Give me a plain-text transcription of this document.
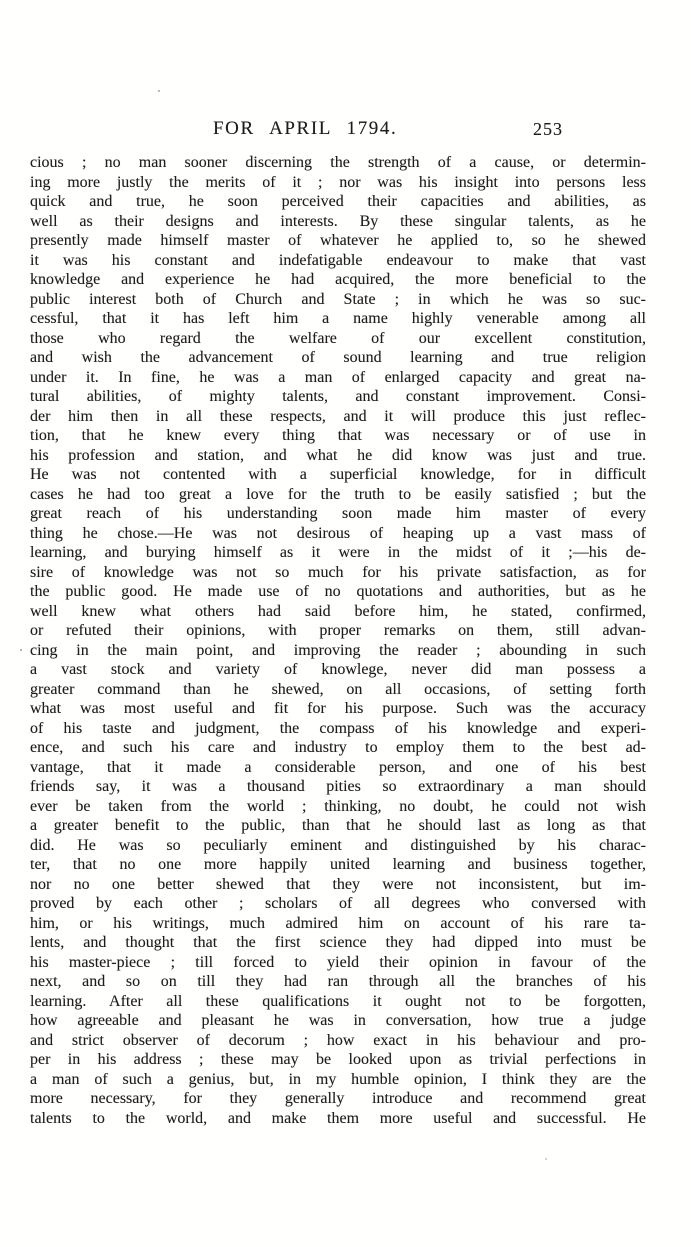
FOR APRIL 1794.	253
cious ; no man sooner discerning the strength of a cause, or determin-
ing more justly the merits of it ; nor was his insight into persons less
quick and true, he soon perceived their capacities and abilities, as
well as their designs and interests. By these singular talents, as he
presently made himself master of whatever he applied to, so he shewed
it was his constant and indefatigable endeavour to make that vast
knowledge and experience he had acquired, the more beneficial to the
public interest both of Church and State ; in which he was so suc-
cessful, that it has left him a name highly venerable among all
those who regard the welfare of our excellent constitution,
and wish the advancement of sound learning and true religion
under it. In fine, he was a man of enlarged capacity and great na-
tural abilities, of mighty talents, and constant improvement. Consi-
der him then in all these respects, and it will produce this just reflec-
tion, that he knew every thing that was necessary or of use in
his profession and station, and what he did know was just and true.
He was not contented with a superficial knowledge, for in difficult
cases he had too great a love for the truth to be easily satisfied ; but the
great reach of his understanding soon made him master of every
thing he chose.—He was not desirous of heaping up a vast mass of
learning, and burying himself as it were in the midst of it ;—his de-
sire of knowledge was not so much for his private satisfaction, as for
the public good. He made use of no quotations and authorities, but as he
well knew what others had said before him, he stated, confirmed,
or refuted their opinions, with proper remarks on them, still advan-
cing in the main point, and improving the reader ; abounding in such
a vast stock and variety of knowlege, never did man possess a
greater command than he shewed, on all occasions, of setting forth
what was most useful and fit for his purpose. Such was the accuracy
of his taste and judgment, the compass of his knowledge and experi-
ence, and such his care and industry to employ them to the best ad-
vantage, that it made a considerable person, and one of his best
friends say, it was a thousand pities so extraordinary a man should
ever be taken from the world ; thinking, no doubt, he could not wish
a greater benefit to the public, than that he should last as long as that
did. He was so peculiarly eminent and distinguished by his charac-
ter, that no one more happily united learning and business together,
nor no one better shewed that they were not inconsistent, but im-
proved by each other ; scholars of all degrees who conversed with
him, or his writings, much admired him on account of his rare ta-
lents, and thought that the first science they had dipped into must be
his master-piece ; till forced to yield their opinion in favour of the
next, and so on till they had ran through all the branches of his
learning. After all these qualifications it ought not to be forgotten,
how agreeable and pleasant he was in conversation, how true a judge
and strict observer of decorum ; how exact in his behaviour and pro-
per in his address ; these may be looked upon as trivial perfections in
a man of such a genius, but, in my humble opinion, I think they are the
more necessary, for they generally introduce and recommend great
talents to the world, and make them more useful and successful. He
